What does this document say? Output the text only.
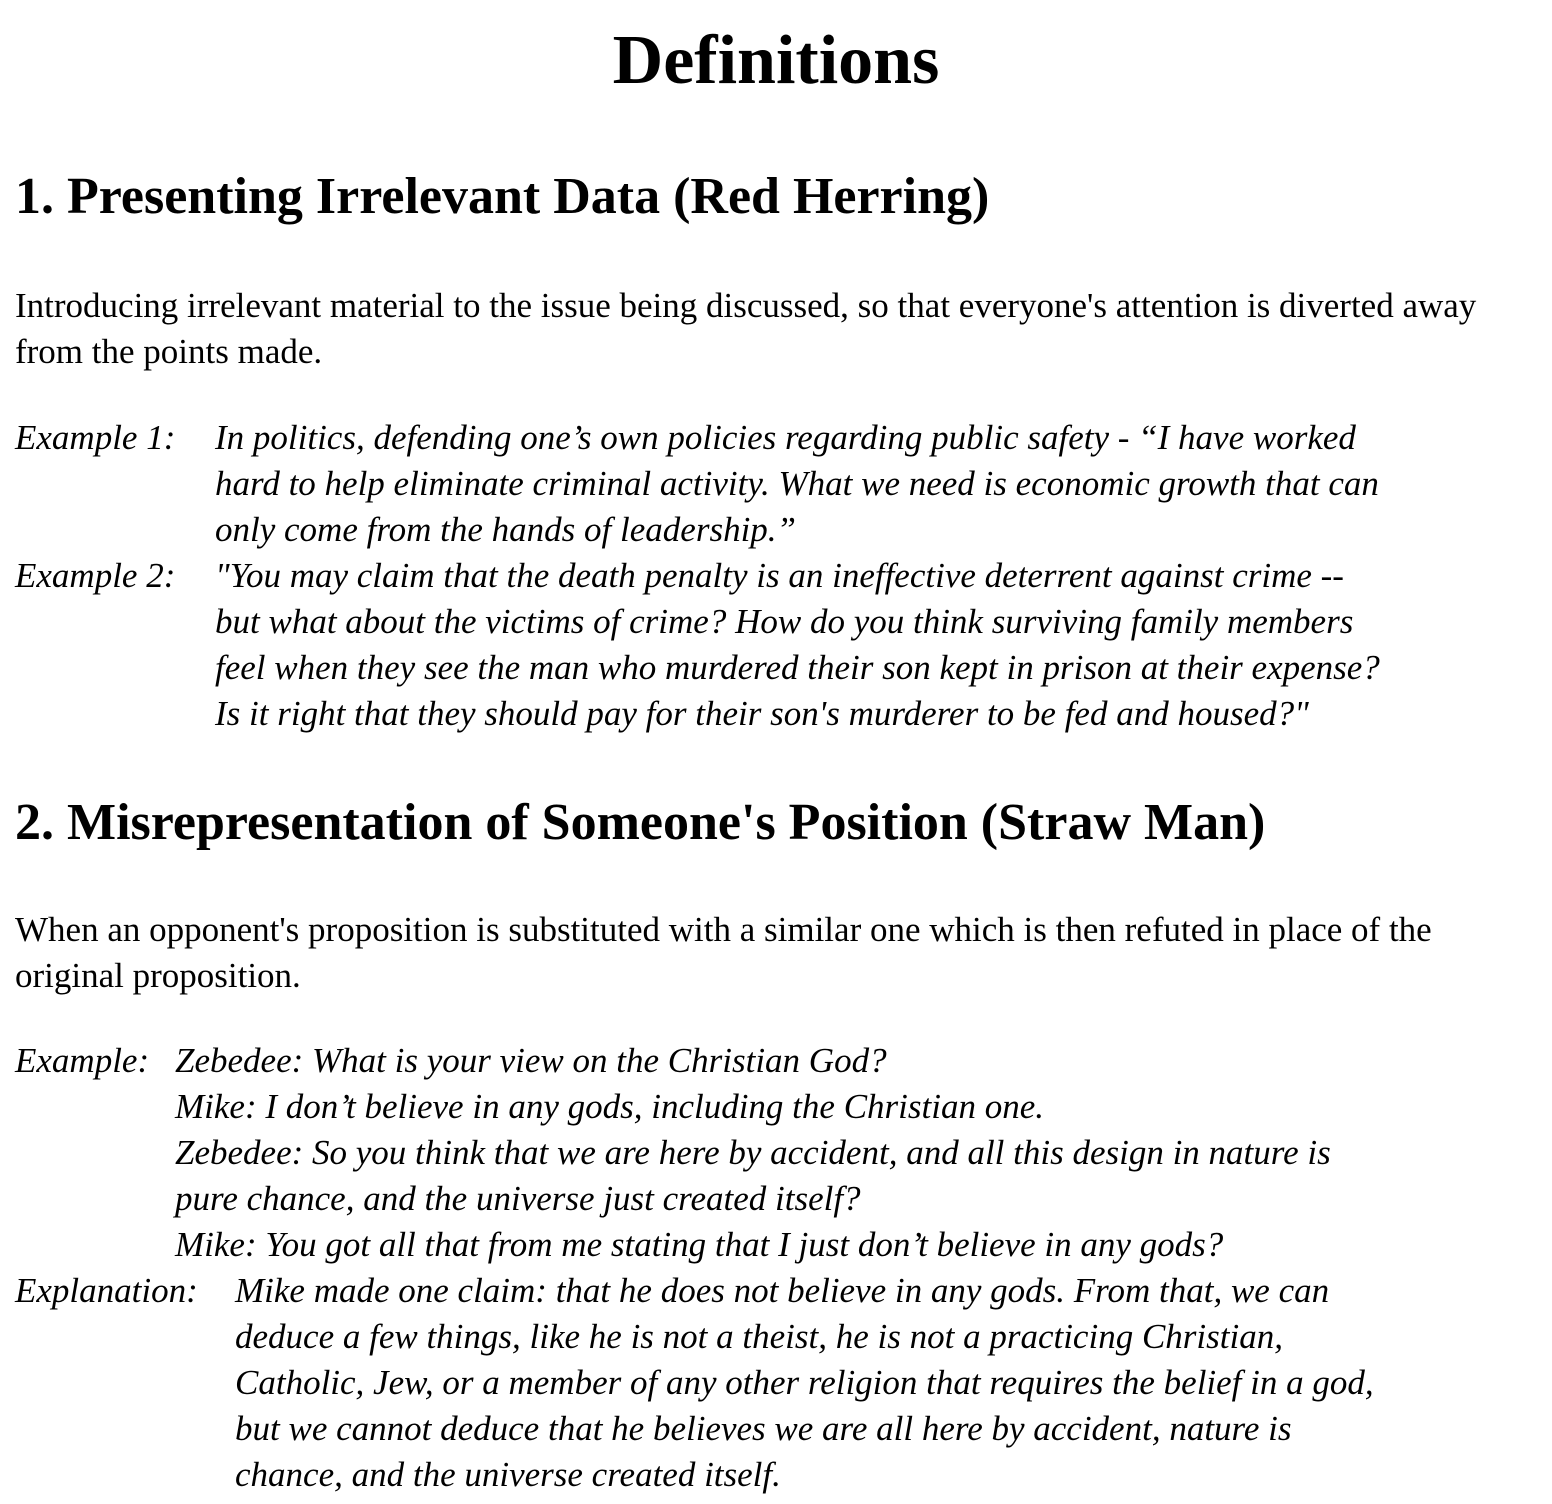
Definitions
1. Presenting Irrelevant Data (Red Herring)

Introducing irrelevant material to the issue being discussed, so that everyone's attention is diverted away from the points made.

Example 1:	In politics, defending one’s own policies regarding public safety - “I have worked
hard to help eliminate criminal activity. What we need is economic growth that can
only come from the hands of leadership.”
Example 2:	"You may claim that the death penalty is an ineffective deterrent against crime --
but what about the victims of crime? How do you think surviving family members
feel when they see the man who murdered their son kept in prison at their expense?
Is it right that they should pay for their son's murderer to be fed and housed?"
2. Misrepresentation of Someone's Position (Straw Man)

When an opponent's proposition is substituted with a similar one which is then refuted in place of the original proposition.

Example: Zebedee: What is your view on the Christian God?
Mike: I don’t believe in any gods, including the Christian one.
Zebedee: So you think that we are here by accident, and all this design in nature is
pure chance, and the universe just created itself?
Mike: You got all that from me stating that I just don’t believe in any gods?
Explanation:	Mike made one claim: that he does not believe in any gods. From that, we can
deduce a few things, like he is not a theist, he is not a practicing Christian,
Catholic, Jew, or a member of any other religion that requires the belief in a god,
but we cannot deduce that he believes we are all here by accident, nature is
chance, and the universe created itself.
